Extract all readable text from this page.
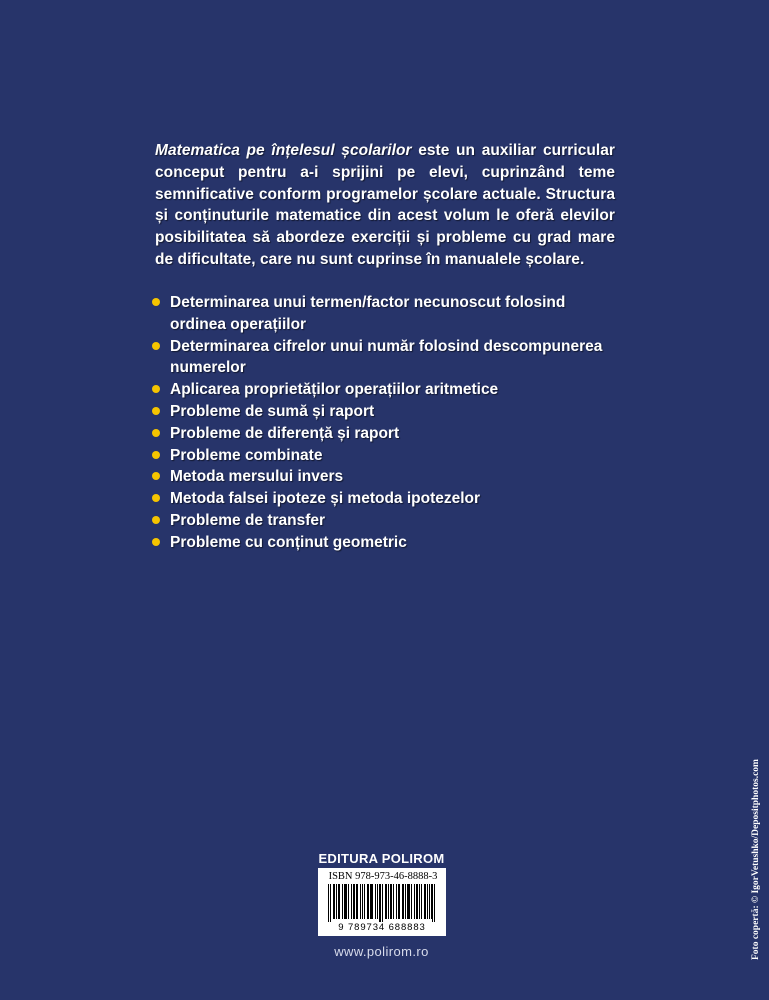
Matematica pe înțelesul școlarilor este un auxiliar curricular conceput pentru a-i sprijini pe elevi, cuprinzând teme semnificative conform programelor școlare actuale. Structura și conținuturile matematice din acest volum le oferă elevilor posibilitatea să abordeze exerciții și probleme cu grad mare de dificultate, care nu sunt cuprinse în manualele școlare.

Determinarea unui termen/factor necunoscut folosind ordinea operațiilor
Determinarea cifrelor unui număr folosind descompunerea numerelor
Aplicarea proprietăților operațiilor aritmetice
Probleme de sumă și raport
Probleme de diferență și raport
Probleme combinate
Metoda mersului invers
Metoda falsei ipoteze și metoda ipotezelor
Probleme de transfer
Probleme cu conținut geometric
EDITURA POLIROM
ISBN 978-973-46-8888-3
9 789734 688883
www.polirom.ro	Foto copertă: © IgorVetushko/Depositphotos.com
